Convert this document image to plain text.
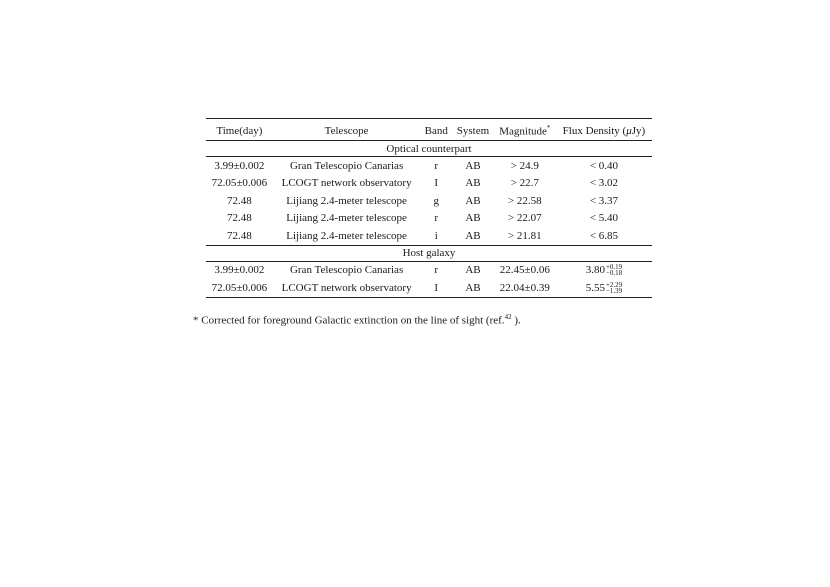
Time(day)	Telescope	Band	System	Magnitude*	Flux Density (μJy)
Optical counterpart					
3.99±0.002	Gran Telescopio Canarias	r	AB	> 24.9	< 0.40
72.05±0.006	LCOGT network observatory	I	AB	> 22.7	< 3.02
72.48	Lijiang 2.4-meter telescope	g	AB	> 22.58	< 3.37
72.48	Lijiang 2.4-meter telescope	r	AB	> 22.07	< 5.40
72.48	Lijiang 2.4-meter telescope	i	AB	> 21.81	< 6.85
Host galaxy					
3.99±0.002	Gran Telescopio Canarias	r	AB	22.45±0.06	3.80 +0.19
−0.18

72.05±0.006	LCOGT network observatory	I	AB	22.04±0.39	5.55 +2.29
−1.39
* Corrected for foreground Galactic extinction on the line of sight (ref.$^{42}$ ).
